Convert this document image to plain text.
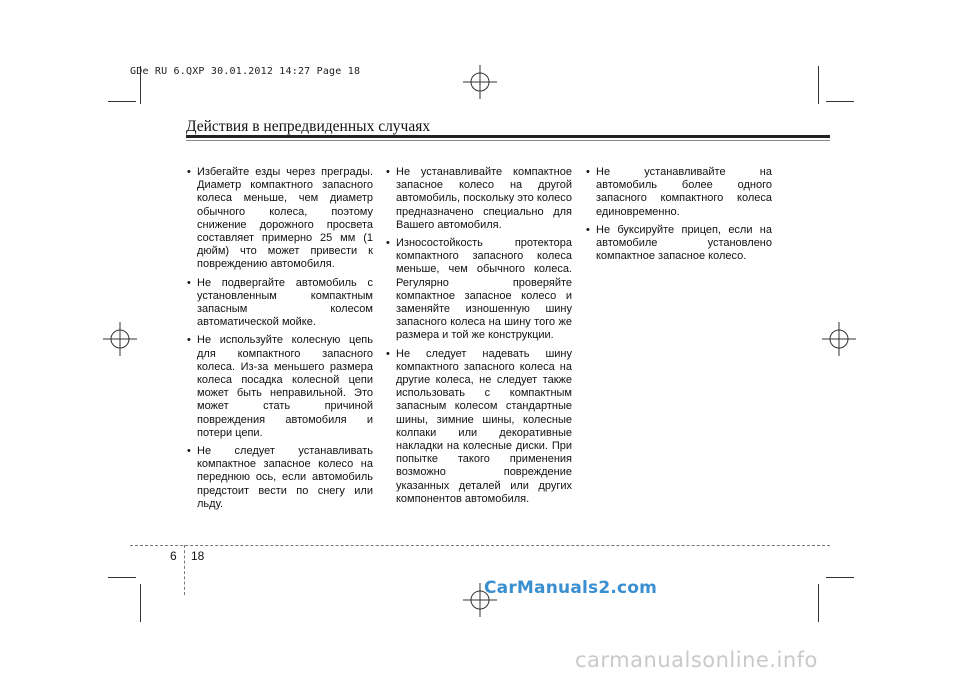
GDe RU 6.QXP 30.01.2012 14:27 Page 18
Действия в непредвиденных случаях
• Избегайте езды через преграды. Диаметр компактного запасного колеса меньше, чем диаметр обычного колеса, поэтому снижение дорожного просвета составляет примерно 25 мм (1 дюйм) что может привести к повреждению автомобиля.
• Не подвергайте автомобиль с установленным компактным запасным колесом автоматической мойке.
• Не используйте колесную цепь для компактного запасного колеса. Из-за меньшего размера колеса посадка колесной цепи может быть неправильной. Это может стать причиной повреждения автомобиля и потери цепи.
• Не следует устанавливать компактное запасное колесо на переднюю ось, если автомобиль предстоит вести по снегу или льду.
• Не устанавливайте компактное запасное колесо на другой автомобиль, поскольку это колесо предназначено специально для Вашего автомобиля.
• Износостойкость протектора компактного запасного колеса меньше, чем обычного колеса. Регулярно проверяйте компактное запасное колесо и заменяйте изношенную шину запасного колеса на шину того же размера и той же конструкции.
• Не следует надевать шину компактного запасного колеса на другие колеса, не следует также использовать с компактным запасным колесом стандартные шины, зимние шины, колесные колпаки или декоративные накладки на колесные диски. При попытке такого применения возможно повреждение указанных деталей или других компонентов автомобиля.
• Не устанавливайте на автомобиль более одного запасного компактного колеса единовременно.
• Не буксируйте прицеп, если на автомобиле установлено компактное запасное колесо.
6 18
CarManuals2.com
carmanualsonline.info
